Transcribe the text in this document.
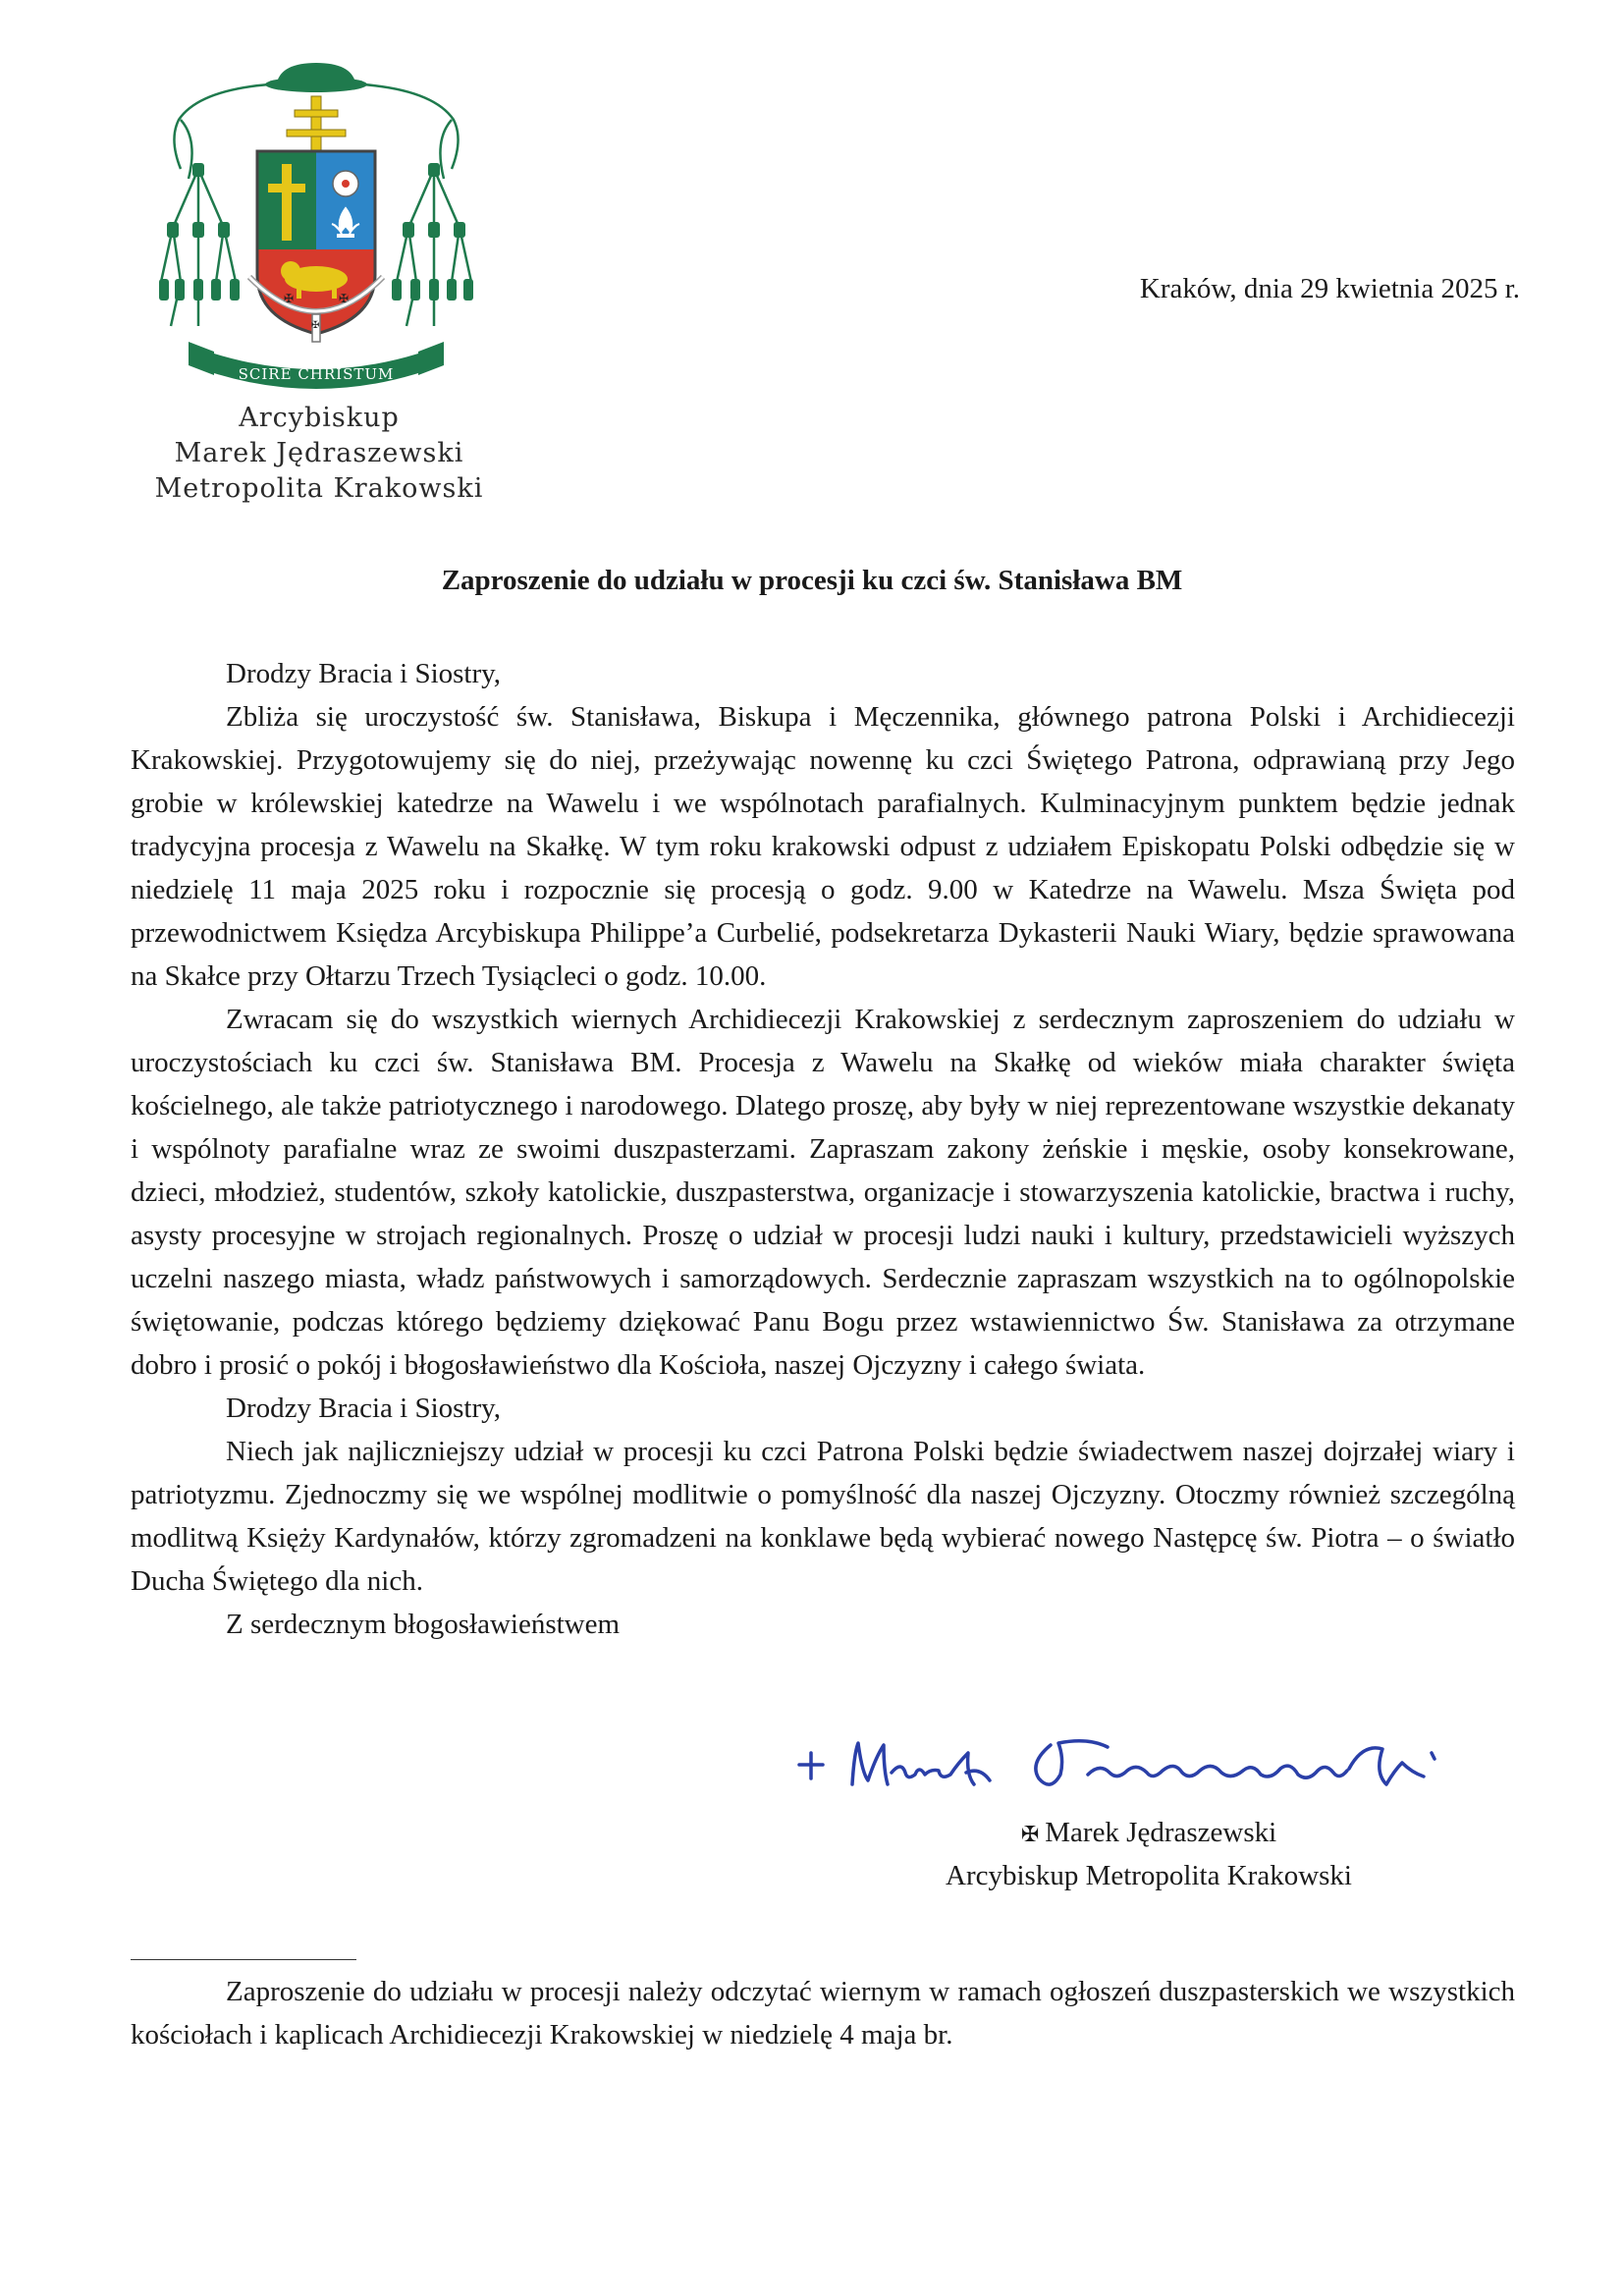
✠	✠
✠
SCIRE CHRISTUM
Arcybiskup
Marek Jędraszewski
Metropolita Krakowski
Kraków, dnia 29 kwietnia 2025 r.
Zaproszenie do udziału w procesji ku czci św. Stanisława BM

Drodzy Bracia i Siostry,

Zbliża się uroczystość św. Stanisława, Biskupa i Męczennika, głównego patrona Polski i Archidiecezji Krakowskiej. Przygotowujemy się do niej, przeżywając nowennę ku czci Świętego Patrona, odprawianą przy Jego grobie w królewskiej katedrze na Wawelu i we wspólnotach parafialnych. Kulminacyjnym punktem będzie jednak tradycyjna procesja z Wawelu na Skałkę. W tym roku krakowski odpust z udziałem Episkopatu Polski odbędzie się w niedzielę 11 maja 2025 roku i rozpocznie się procesją o godz. 9.00 w Katedrze na Wawelu. Msza Święta pod przewodnictwem Księdza Arcybiskupa Philippe’a Curbelié, podsekretarza Dykasterii Nauki Wiary, będzie sprawowana na Skałce przy Ołtarzu Trzech Tysiącleci o godz. 10.00.

Zwracam się do wszystkich wiernych Archidiecezji Krakowskiej z serdecznym zaproszeniem do udziału w uroczystościach ku czci św. Stanisława BM. Procesja z Wawelu na Skałkę od wieków miała charakter święta kościelnego, ale także patriotycznego i narodowego. Dlatego proszę, aby były w niej reprezentowane wszystkie dekanaty i wspólnoty parafialne wraz ze swoimi duszpasterzami. Zapraszam zakony żeńskie i męskie, osoby konsekrowane, dzieci, młodzież, studentów, szkoły katolickie, duszpasterstwa, organizacje i stowarzyszenia katolickie, bractwa i ruchy, asysty procesyjne w strojach regionalnych. Proszę o udział w procesji ludzi nauki i kultury, przedstawicieli wyższych uczelni naszego miasta, władz państwowych i samorządowych. Serdecznie zapraszam wszystkich na to ogólnopolskie świętowanie, podczas którego będziemy dziękować Panu Bogu przez wstawiennictwo Św. Stanisława za otrzymane dobro i prosić o pokój i błogosławieństwo dla Kościoła, naszej Ojczyzny i całego świata.

Drodzy Bracia i Siostry,

Niech jak najliczniejszy udział w procesji ku czci Patrona Polski będzie świadectwem naszej dojrzałej wiary i patriotyzmu. Zjednoczmy się we wspólnej modlitwie o pomyślność dla naszej Ojczyzny. Otoczmy również szczególną modlitwą Księży Kardynałów, którzy zgromadzeni na konklawe będą wybierać nowego Następcę św. Piotra – o światło Ducha Świętego dla nich.

Z serdecznym błogosławieństwem

✠ Marek Jędraszewski
Arcybiskup Metropolita Krakowski

Zaproszenie do udziału w procesji należy odczytać wiernym w ramach ogłoszeń duszpasterskich we wszystkich kościołach i kaplicach Archidiecezji Krakowskiej w niedzielę 4 maja br.
